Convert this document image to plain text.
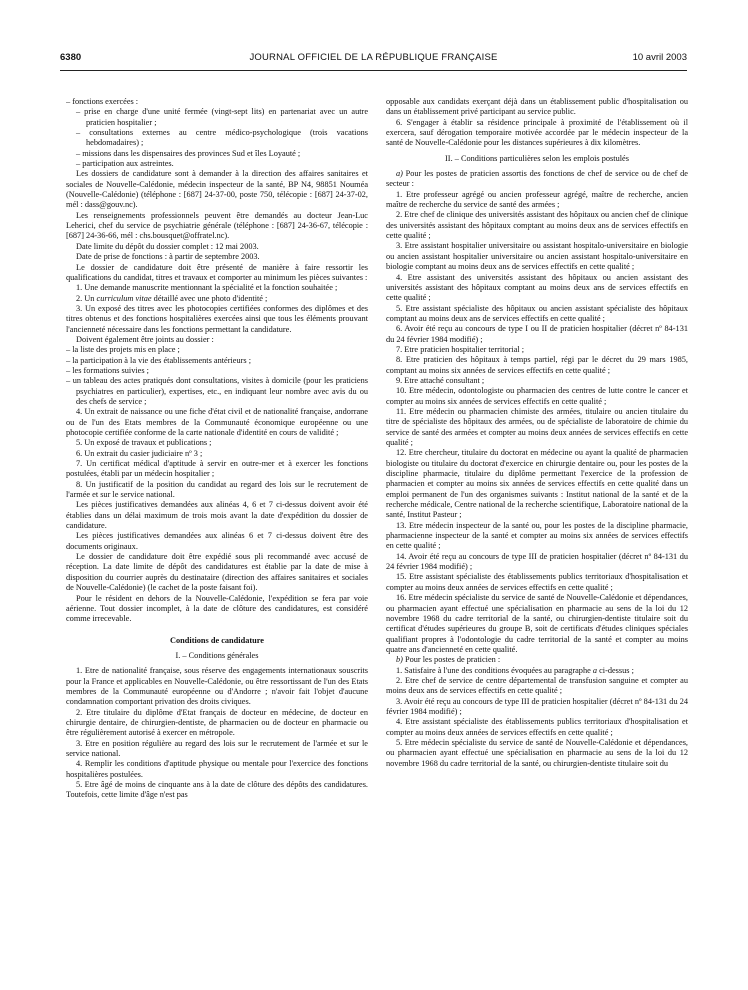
6380	JOURNAL OFFICIEL DE LA RÉPUBLIQUE FRANÇAISE	10 avril 2003

– fonctions exercées :

– prise en charge d'une unité fermée (vingt-sept lits) en partenariat avec un autre praticien hospitalier ;

– consultations externes au centre médico-psychologique (trois vacations hebdomadaires) ;

– missions dans les dispensaires des provinces Sud et îles Loyauté ;

– participation aux astreintes.

Les dossiers de candidature sont à demander à la direction des affaires sanitaires et sociales de Nouvelle-Calédonie, médecin inspecteur de la santé, BP N4, 98851 Nouméa (Nouvelle-Calédonie) (téléphone : [687] 24-37-00, poste 750, télécopie : [687] 24-37-02, mél : dass@gouv.nc).

Les renseignements professionnels peuvent être demandés au docteur Jean-Luc Leherici, chef du service de psychiatrie générale (téléphone : [687] 24-36-67, télécopie : [687] 24-36-66, mél : chs.bousquet@offratel.nc).

Date limite du dépôt du dossier complet : 12 mai 2003.

Date de prise de fonctions : à partir de septembre 2003.

Le dossier de candidature doit être présenté de manière à faire ressortir les qualifications du candidat, titres et travaux et comporter au minimum les pièces suivantes :

1. Une demande manuscrite mentionnant la spécialité et la fonction souhaitée ;

2. Un curriculum vitae détaillé avec une photo d'identité ;

3. Un exposé des titres avec les photocopies certifiées conformes des diplômes et des titres obtenus et des fonctions hospitalières exercées ainsi que tous les éléments prouvant l'ancienneté nécessaire dans les fonctions permettant la candidature.

Doivent également être joints au dossier :

– la liste des projets mis en place ;

– la participation à la vie des établissements antérieurs ;

– les formations suivies ;

– un tableau des actes pratiqués dont consultations, visites à domicile (pour les praticiens psychiatres en particulier), expertises, etc., en indiquant leur nombre avec avis du ou des chefs de service ;

4. Un extrait de naissance ou une fiche d'état civil et de nationalité française, andorrane ou de l'un des Etats membres de la Communauté économique européenne ou une photocopie certifiée conforme de la carte nationale d'identité en cours de validité ;

5. Un exposé de travaux et publications ;

6. Un extrait du casier judiciaire nº 3 ;

7. Un certificat médical d'aptitude à servir en outre-mer et à exercer les fonctions postulées, établi par un médecin hospitalier ;

8. Un justificatif de la position du candidat au regard des lois sur le recrutement de l'armée et sur le service national.

Les pièces justificatives demandées aux alinéas 4, 6 et 7 ci-dessus doivent avoir été établies dans un délai maximum de trois mois avant la date d'expédition du dossier de candidature.

Les pièces justificatives demandées aux alinéas 6 et 7 ci-dessus doivent être des documents originaux.

Le dossier de candidature doit être expédié sous pli recommandé avec accusé de réception. La date limite de dépôt des candidatures est établie par la date de mise à disposition du courrier auprès du destinataire (direction des affaires sanitaires et sociales de Nouvelle-Calédonie) (le cachet de la poste faisant foi).

Pour le résident en dehors de la Nouvelle-Calédonie, l'expédition se fera par voie aérienne. Tout dossier incomplet, à la date de clôture des candidatures, est considéré comme irrecevable.

Conditions de candidature

I. – Conditions générales

1. Etre de nationalité française, sous réserve des engagements internationaux souscrits pour la France et applicables en Nouvelle-Calédonie, ou être ressortissant de l'un des Etats membres de la Communauté européenne ou d'Andorre ; n'avoir fait l'objet d'aucune condamnation comportant privation des droits civiques.

2. Etre titulaire du diplôme d'Etat français de docteur en médecine, de docteur en chirurgie dentaire, de chirurgien-dentiste, de pharmacien ou de docteur en pharmacie ou être régulièrement autorisé à exercer en métropole.

3. Etre en position régulière au regard des lois sur le recrutement de l'armée et sur le service national.

4. Remplir les conditions d'aptitude physique ou mentale pour l'exercice des fonctions hospitalières postulées.

5. Etre âgé de moins de cinquante ans à la date de clôture des dépôts des candidatures. Toutefois, cette limite d'âge n'est pas

opposable aux candidats exerçant déjà dans un établissement public d'hospitalisation ou dans un établissement privé participant au service public.

6. S'engager à établir sa résidence principale à proximité de l'établissement où il exercera, sauf dérogation temporaire motivée accordée par le médecin inspecteur de la santé de Nouvelle-Calédonie pour les distances supérieures à dix kilomètres.

II. – Conditions particulières selon les emplois postulés

a) Pour les postes de praticien assortis des fonctions de chef de service ou de chef de secteur :

1. Etre professeur agrégé ou ancien professeur agrégé, maître de recherche, ancien maître de recherche du service de santé des armées ;

2. Etre chef de clinique des universités assistant des hôpitaux ou ancien chef de clinique des universités assistant des hôpitaux comptant au moins deux ans de services effectifs en cette qualité ;

3. Etre assistant hospitalier universitaire ou assistant hospitalo-universitaire en biologie ou ancien assistant hospitalier universitaire ou ancien assistant hospitalo-universitaire en biologie comptant au moins deux ans de services effectifs en cette qualité ;

4. Etre assistant des universités assistant des hôpitaux ou ancien assistant des universités assistant des hôpitaux comptant au moins deux ans de services effectifs en cette qualité ;

5. Etre assistant spécialiste des hôpitaux ou ancien assistant spécialiste des hôpitaux comptant au moins deux ans de services effectifs en cette qualité ;

6. Avoir été reçu au concours de type I ou II de praticien hospitalier (décret nº 84-131 du 24 février 1984 modifié) ;

7. Etre praticien hospitalier territorial ;

8. Etre praticien des hôpitaux à temps partiel, régi par le décret du 29 mars 1985, comptant au moins six années de services effectifs en cette qualité ;

9. Etre attaché consultant ;

10. Etre médecin, odontologiste ou pharmacien des centres de lutte contre le cancer et compter au moins six années de services effectifs en cette qualité ;

11. Etre médecin ou pharmacien chimiste des armées, titulaire ou ancien titulaire du titre de spécialiste des hôpitaux des armées, ou de spécialiste de laboratoire de chimie du service de santé des armées et compter au moins deux années de services effectifs en cette qualité ;

12. Etre chercheur, titulaire du doctorat en médecine ou ayant la qualité de pharmacien biologiste ou titulaire du doctorat d'exercice en chirurgie dentaire ou, pour les postes de la discipline pharmacie, titulaire du diplôme permettant l'exercice de la profession de pharmacien et compter au moins six années de services effectifs en cette qualité dans un emploi permanent de l'un des organismes suivants : Institut national de la santé et de la recherche médicale, Centre national de la recherche scientifique, Laboratoire national de la santé, Institut Pasteur ;

13. Etre médecin inspecteur de la santé ou, pour les postes de la discipline pharmacie, pharmacienne inspecteur de la santé et compter au moins six années de services effectifs en cette qualité ;

14. Avoir été reçu au concours de type III de praticien hospitalier (décret nº 84-131 du 24 février 1984 modifié) ;

15. Etre assistant spécialiste des établissements publics territoriaux d'hospitalisation et compter au moins deux années de services effectifs en cette qualité ;

16. Etre médecin spécialiste du service de santé de Nouvelle-Calédonie et dépendances, ou pharmacien ayant effectué une spécialisation en pharmacie au sens de la loi du 12 novembre 1968 du cadre territorial de la santé, ou chirurgien-dentiste titulaire soit du certificat d'études supérieures du groupe B, soit de certificats d'études cliniques spéciales qualifiant propres à l'odontologie du cadre territorial de la santé et compter au moins quatre ans d'ancienneté en cette qualité.

b) Pour les postes de praticien :

1. Satisfaire à l'une des conditions évoquées au paragraphe a ci-dessus ;

2. Etre chef de service de centre départemental de transfusion sanguine et compter au moins deux ans de services effectifs en cette qualité ;

3. Avoir été reçu au concours de type III de praticien hospitalier (décret nº 84-131 du 24 février 1984 modifié) ;

4. Etre assistant spécialiste des établissements publics territoriaux d'hospitalisation et compter au moins deux années de services effectifs en cette qualité ;

5. Etre médecin spécialiste du service de santé de Nouvelle-Calédonie et dépendances, ou pharmacien ayant effectué une spécialisation en pharmacie au sens de la loi du 12 novembre 1968 du cadre territorial de la santé, ou chirurgien-dentiste titulaire soit du
